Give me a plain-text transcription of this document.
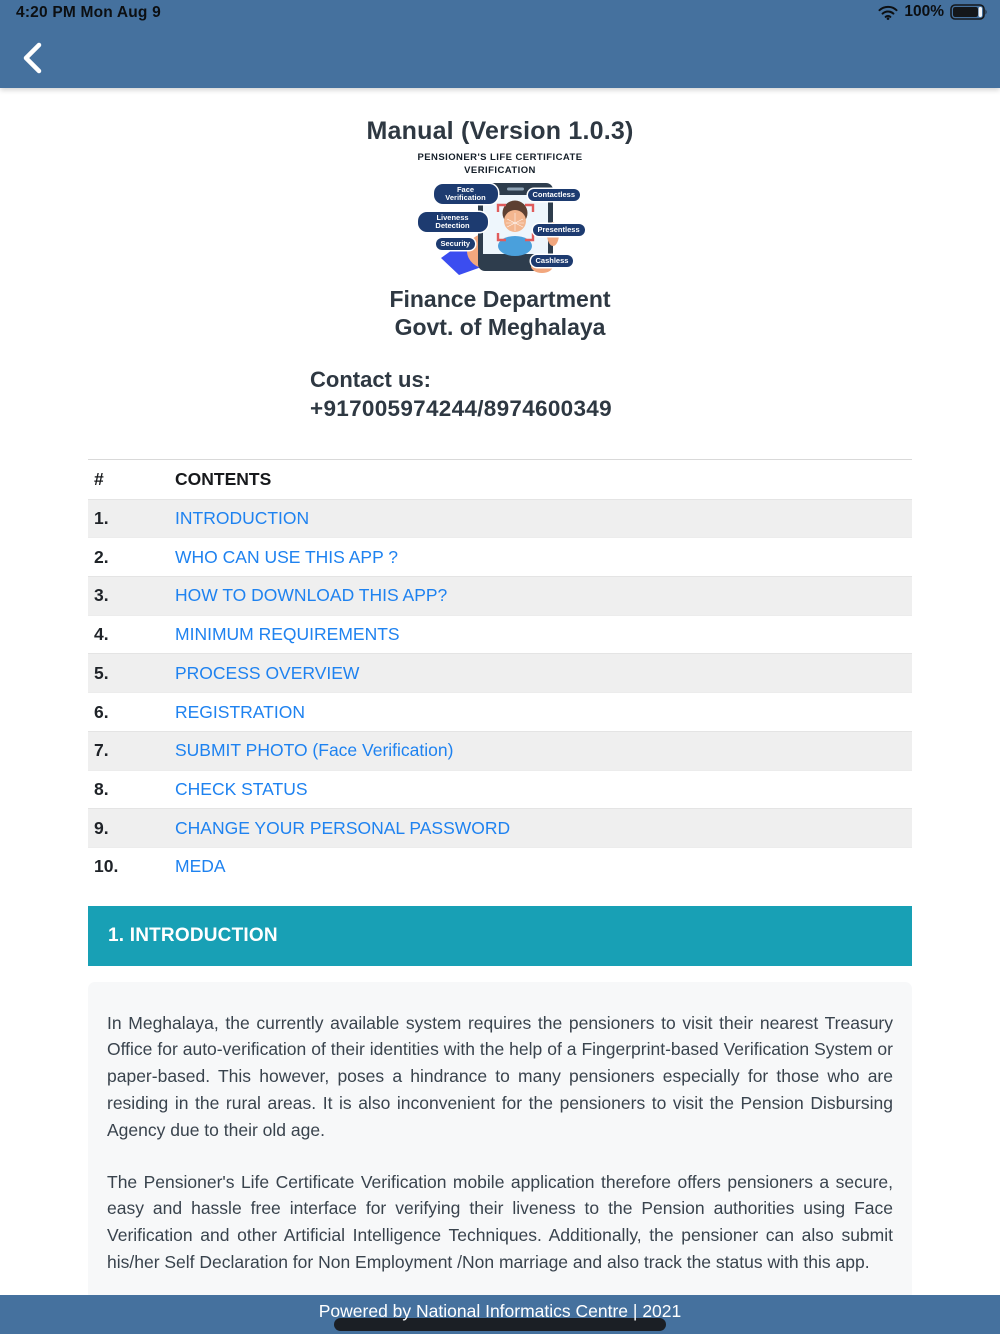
4:20 PM Mon Aug 9	100%
Manual (Version 1.0.3)
PENSIONER'S LIFE CERTIFICATE VERIFICATION
Face Verification	Contactless
Liveness Detection	Presentless
Security
Cashless
Finance Department
Govt. of Meghalaya
Contact us:
+917005974244/8974600349
#	CONTENTS
1.	INTRODUCTION
2.	WHO CAN USE THIS APP ?
3.	HOW TO DOWNLOAD THIS APP?
4.	MINIMUM REQUIREMENTS
5.	PROCESS OVERVIEW
6.	REGISTRATION
7.	SUBMIT PHOTO (Face Verification)
8.	CHECK STATUS
9.	CHANGE YOUR PERSONAL PASSWORD
10.	MEDA
1. INTRODUCTION

In Meghalaya, the currently available system requires the pensioners to visit their nearest Treasury Office for auto-verification of their identities with the help of a Fingerprint-based Verification System or paper-based. This however, poses a hindrance to many pensioners especially for those who are residing in the rural areas. It is also inconvenient for the pensioners to visit the Pension Disbursing Agency due to their old age.

The Pensioner's Life Certificate Verification mobile application therefore offers pensioners a secure, easy and hassle free interface for verifying their liveness to the Pension authorities using Face Verification and other Artificial Intelligence Techniques. Additionally, the pensioner can also submit his/her Self Declaration for Non Employment /Non marriage and also track the status with this app.

Powered by National Informatics Centre | 2021
